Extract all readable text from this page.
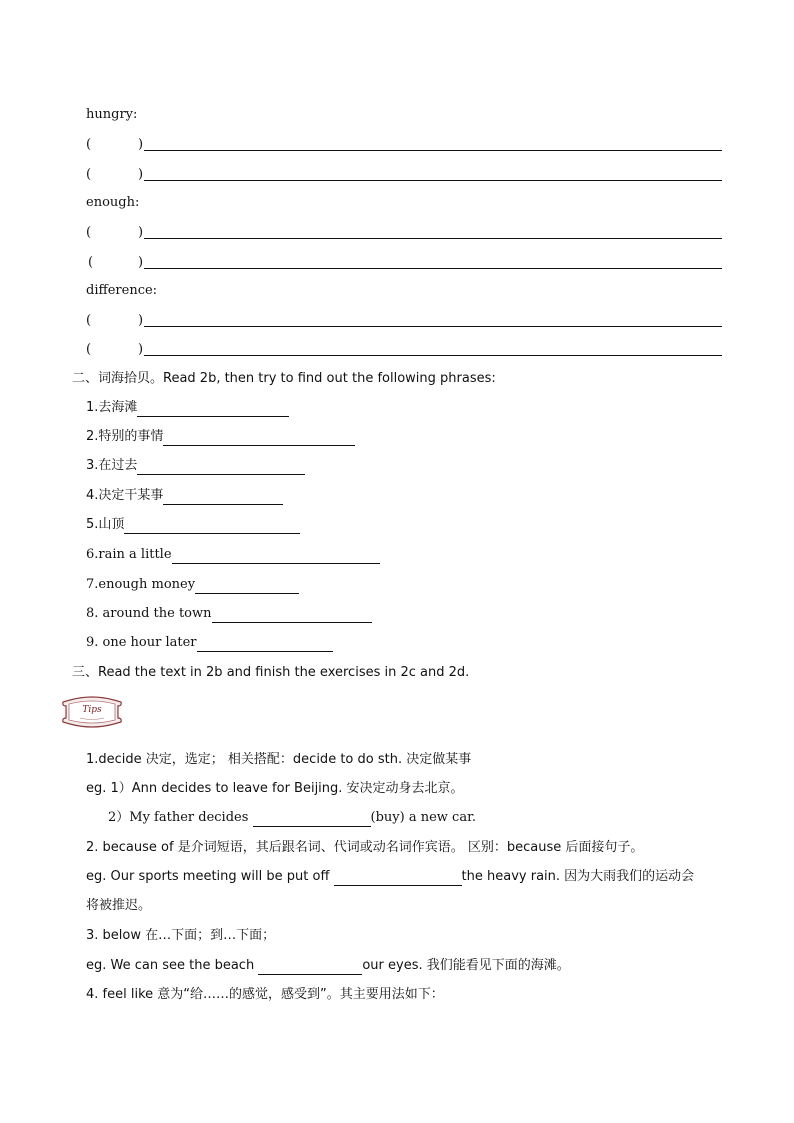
hungry:
(	)
(	)
enough:
(	)
(	)
difference:
(	)
(	)
二、词海拾贝。Read 2b, then try to find out the following phrases:
1.去海滩
2.特别的事情
3.在过去
4.决定干某事
5.山顶
6.rain a little
7.enough money
8. around the town
9. one hour later
三、Read the text in 2b and finish the exercises in 2c and 2d.
Tips
1.decide 决定，选定； 相关搭配：decide to do sth. 决定做某事
eg. 1）Ann decides to leave for Beijing. 安决定动身去北京。
2）My father decides	(buy) a new car.
2. because of 是介词短语，其后跟名词、代词或动名词作宾语。 区别：because 后面接句子。
eg. Our sports meeting will be put off	the heavy rain. 因为大雨我们的运动会
将被推迟。
3. below 在…下面；到…下面；
eg. We can see the beach	our eyes. 我们能看见下面的海滩。
4. feel like 意为“给……的感觉，感受到”。其主要用法如下：
